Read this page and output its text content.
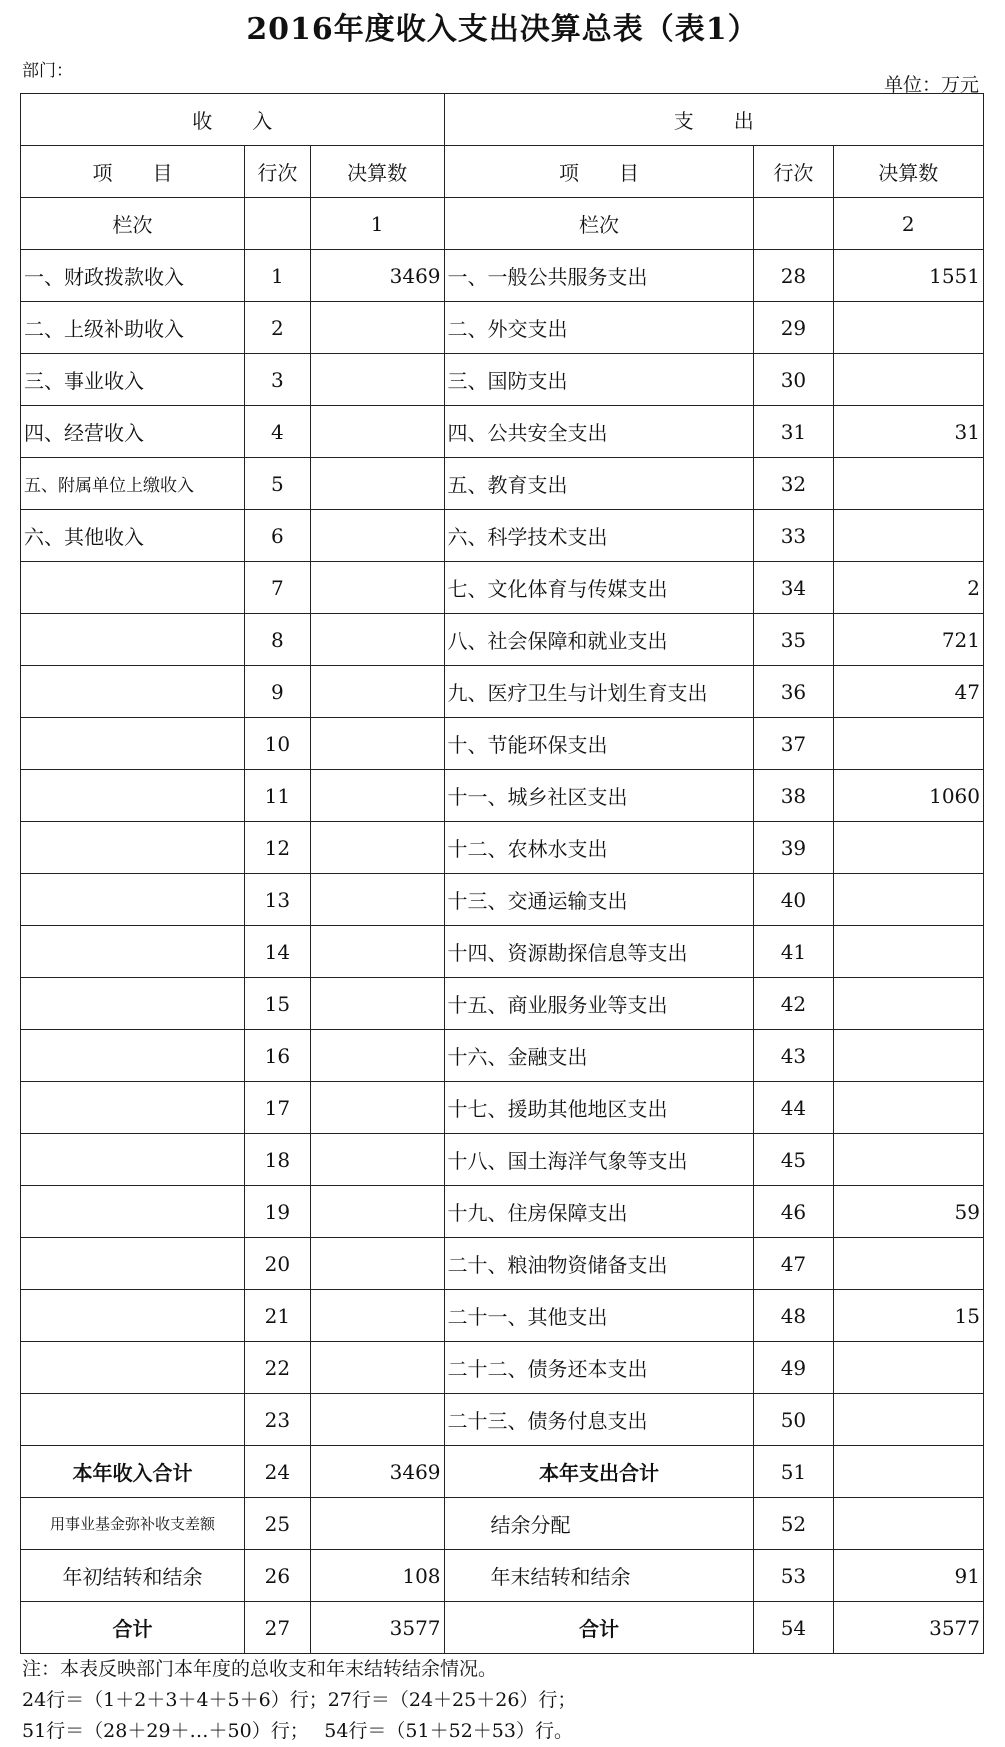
2016年度收入支出决算总表（表1）
部门：
单位：万元
收　　入			支　　出		
项　　目	行次	决算数	项　　目	行次	决算数
栏次		1	栏次		2
一、财政拨款收入	1	3469	一、一般公共服务支出	28	1551
二、上级补助收入	2		二、外交支出	29	
三、事业收入	3		三、国防支出	30	
四、经营收入	4		四、公共安全支出	31	31
五、附属单位上缴收入	5		五、教育支出	32	
六、其他收入	6		六、科学技术支出	33	
	7		七、文化体育与传媒支出	34	2
	8		八、社会保障和就业支出	35	721
	9		九、医疗卫生与计划生育支出	36	47
	10		十、节能环保支出	37	
	11		十一、城乡社区支出	38	1060
	12		十二、农林水支出	39	
	13		十三、交通运输支出	40	
	14		十四、资源勘探信息等支出	41	
	15		十五、商业服务业等支出	42	
	16		十六、金融支出	43	
	17		十七、援助其他地区支出	44	
	18		十八、国土海洋气象等支出	45	
	19		十九、住房保障支出	46	59
	20		二十、粮油物资储备支出	47	
	21		二十一、其他支出	48	15
	22		二十二、债务还本支出	49	
	23		二十三、债务付息支出	50	
本年收入合计	24	3469	本年支出合计	51	
用事业基金弥补收支差额	25		结余分配	52	
年初结转和结余	26	108	年末结转和结余	53	91
合计	27	3577	合计	54	3577
注：本表反映部门本年度的总收支和年末结转结余情况。
24行＝（1＋2＋3＋4＋5＋6）行；27行＝（24＋25＋26）行；
51行＝（28＋29＋…＋50）行；　 54行＝（51＋52＋53）行。
